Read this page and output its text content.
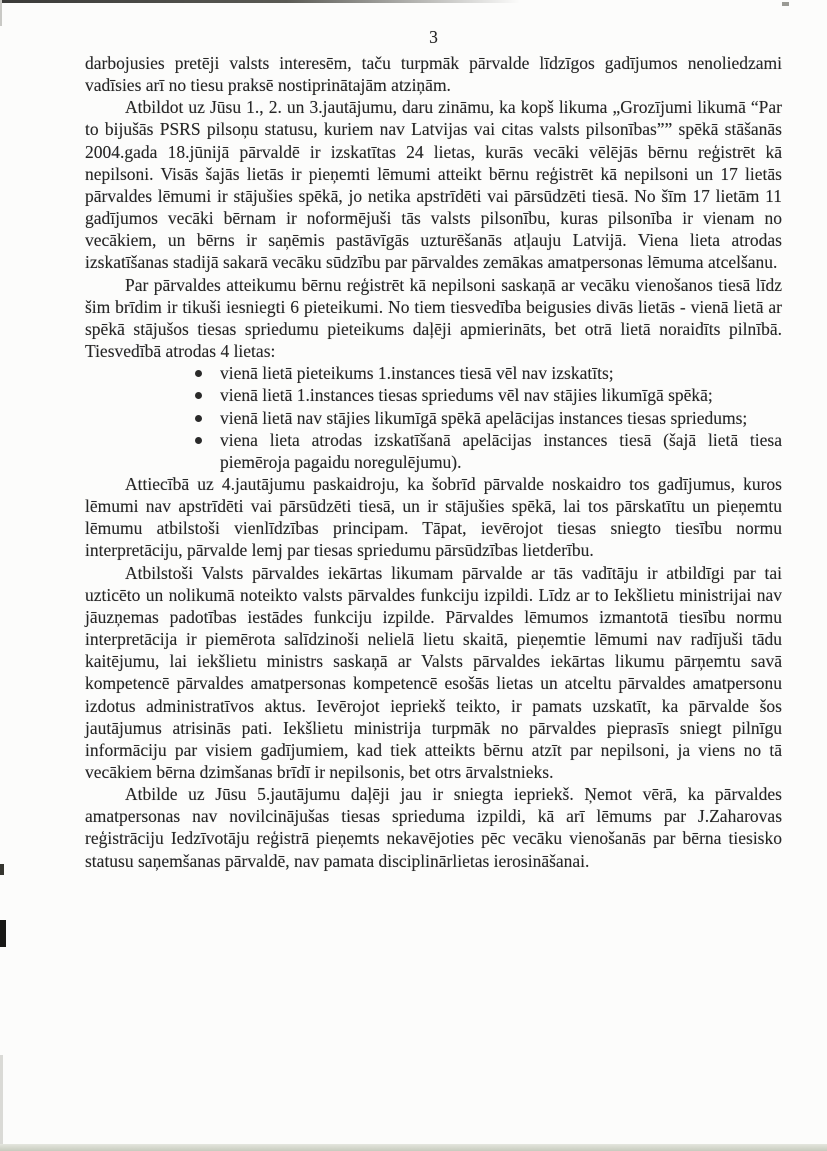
3

darbojusies pretēji valsts interesēm, taču turpmāk pārvalde līdzīgos gadījumos nenoliedzami vadīsies arī no tiesu praksē nostiprinātajām atziņām.

Atbildot uz Jūsu 1., 2. un 3.jautājumu, daru zināmu, ka kopš likuma „Grozījumi likumā “Par to bijušās PSRS pilsoņu statusu, kuriem nav Latvijas vai citas valsts pilsonības”” spēkā stāšanās 2004.gada 18.jūnijā pārvaldē ir izskatītas 24 lietas, kurās vecāki vēlējās bērnu reģistrēt kā nepilsoni. Visās šajās lietās ir pieņemti lēmumi atteikt bērnu reģistrēt kā nepilsoni un 17 lietās pārvaldes lēmumi ir stājušies spēkā, jo netika apstrīdēti vai pārsūdzēti tiesā. No šīm 17 lietām 11 gadījumos vecāki bērnam ir noformējuši tās valsts pilsonību, kuras pilsonība ir vienam no vecākiem, un bērns ir saņēmis pastāvīgās uzturēšanās atļauju Latvijā. Viena lieta atrodas izskatīšanas stadijā sakarā vecāku sūdzību par pārvaldes zemākas amatpersonas lēmuma atcelšanu.

Par pārvaldes atteikumu bērnu reģistrēt kā nepilsoni saskaņā ar vecāku vienošanos tiesā līdz šim brīdim ir tikuši iesniegti 6 pieteikumi. No tiem tiesvedība beigusies divās lietās - vienā lietā ar spēkā stājušos tiesas spriedumu pieteikums daļēji apmierināts, bet otrā lietā noraidīts pilnībā. Tiesvedībā atrodas 4 lietas:

vienā lietā pieteikums 1.instances tiesā vēl nav izskatīts;
vienā lietā 1.instances tiesas spriedums vēl nav stājies likumīgā spēkā;
vienā lietā nav stājies likumīgā spēkā apelācijas instances tiesas spriedums;
viena lieta atrodas izskatīšanā apelācijas instances tiesā (šajā lietā tiesa piemēroja pagaidu noregulējumu).

Attiecībā uz 4.jautājumu paskaidroju, ka šobrīd pārvalde noskaidro tos gadījumus, kuros lēmumi nav apstrīdēti vai pārsūdzēti tiesā, un ir stājušies spēkā, lai tos pārskatītu un pieņemtu lēmumu atbilstoši vienlīdzības principam. Tāpat, ievērojot tiesas sniegto tiesību normu interpretāciju, pārvalde lemj par tiesas spriedumu pārsūdzības lietderību.

Atbilstoši Valsts pārvaldes iekārtas likumam pārvalde ar tās vadītāju ir atbildīgi par tai uzticēto un nolikumā noteikto valsts pārvaldes funkciju izpildi. Līdz ar to Iekšlietu ministrijai nav jāuzņemas padotības iestādes funkciju izpilde. Pārvaldes lēmumos izmantotā tiesību normu interpretācija ir piemērota salīdzinoši nelielā lietu skaitā, pieņemtie lēmumi nav radījuši tādu kaitējumu, lai iekšlietu ministrs saskaņā ar Valsts pārvaldes iekārtas likumu pārņemtu savā kompetencē pārvaldes amatpersonas kompetencē esošās lietas un atceltu pārvaldes amatpersonu izdotus administratīvos aktus. Ievērojot iepriekš teikto, ir pamats uzskatīt, ka pārvalde šos jautājumus atrisinās pati. Iekšlietu ministrija turpmāk no pārvaldes pieprasīs sniegt pilnīgu informāciju par visiem gadījumiem, kad tiek atteikts bērnu atzīt par nepilsoni, ja viens no tā vecākiem bērna dzimšanas brīdī ir nepilsonis, bet otrs ārvalstnieks.

Atbilde uz Jūsu 5.jautājumu daļēji jau ir sniegta iepriekš. Ņemot vērā, ka pārvaldes amatpersonas nav novilcinājušas tiesas sprieduma izpildi, kā arī lēmums par J.Zaharovas reģistrāciju Iedzīvotāju reģistrā pieņemts nekavējoties pēc vecāku vienošanās par bērna tiesisko statusu saņemšanas pārvaldē, nav pamata disciplinārlietas ierosināšanai.
